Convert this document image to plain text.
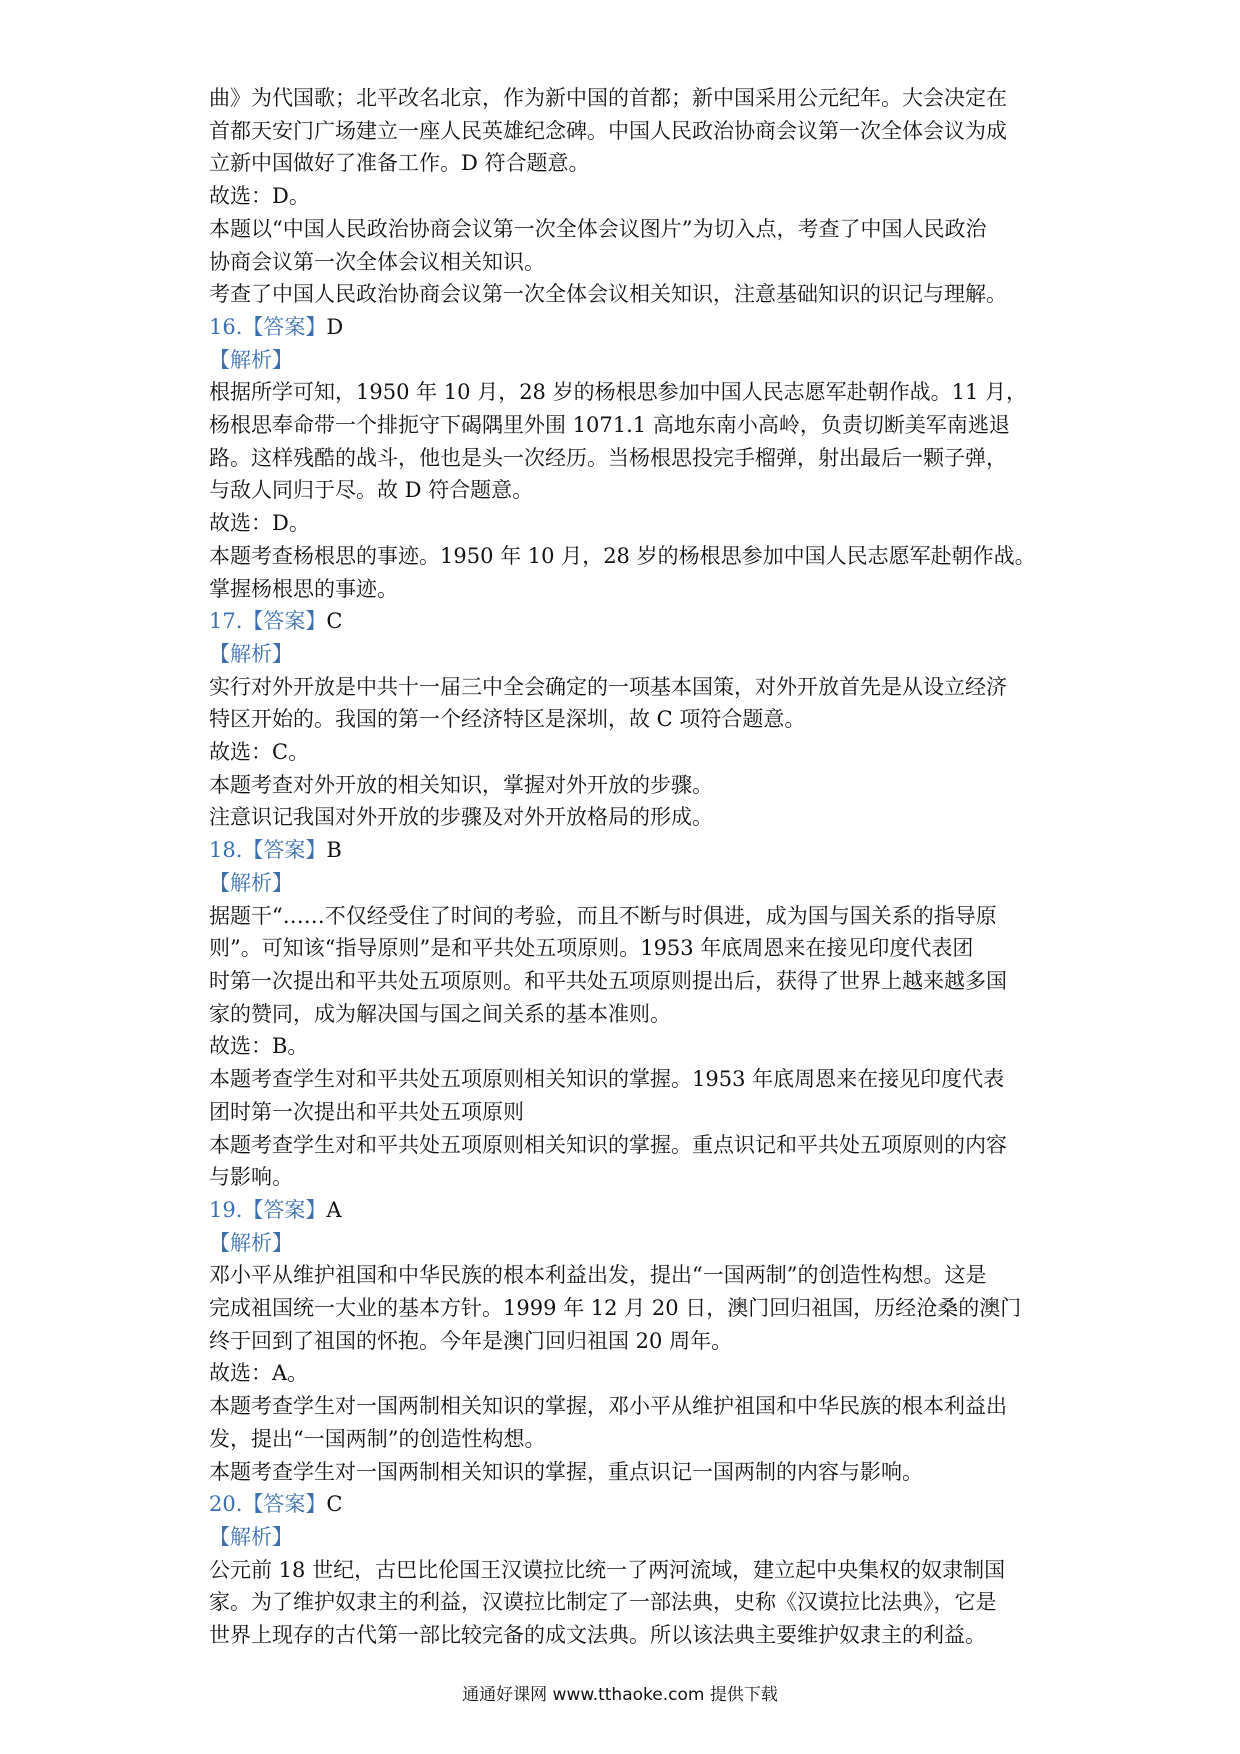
曲》为代国歌；北平改名北京，作为新中国的首都；新中国采用公元纪年。大会决定在
首都天安门广场建立一座人民英雄纪念碑。中国人民政治协商会议第一次全体会议为成
立新中国做好了准备工作。D 符合题意。
故选：D。
本题以“中国人民政治协商会议第一次全体会议图片”为切入点，考查了中国人民政治
协商会议第一次全体会议相关知识。
考查了中国人民政治协商会议第一次全体会议相关知识，注意基础知识的识记与理解。
16.【答案】D
【解析】
根据所学可知，1950 年 10 月，28 岁的杨根思参加中国人民志愿军赴朝作战。11 月，
杨根思奉命带一个排扼守下碣隅里外围 1071.1 高地东南小高岭，负责切断美军南逃退
路。这样残酷的战斗，他也是头一次经历。当杨根思投完手榴弹，射出最后一颗子弹，
与敌人同归于尽。故 D 符合题意。
故选：D。
本题考查杨根思的事迹。1950 年 10 月，28 岁的杨根思参加中国人民志愿军赴朝作战。
掌握杨根思的事迹。
17.【答案】C
【解析】
实行对外开放是中共十一届三中全会确定的一项基本国策，对外开放首先是从设立经济
特区开始的。我国的第一个经济特区是深圳，故 C 项符合题意。
故选：C。
本题考查对外开放的相关知识，掌握对外开放的步骤。
注意识记我国对外开放的步骤及对外开放格局的形成。
18.【答案】B
【解析】
据题干“……不仅经受住了时间的考验，而且不断与时俱进，成为国与国关系的指导原
则”。可知该“指导原则”是和平共处五项原则。1953 年底周恩来在接见印度代表团
时第一次提出和平共处五项原则。和平共处五项原则提出后，获得了世界上越来越多国
家的赞同，成为解决国与国之间关系的基本准则。
故选：B。
本题考查学生对和平共处五项原则相关知识的掌握。1953 年底周恩来在接见印度代表
团时第一次提出和平共处五项原则
本题考查学生对和平共处五项原则相关知识的掌握。重点识记和平共处五项原则的内容
与影响。
19.【答案】A
【解析】
邓小平从维护祖国和中华民族的根本利益出发，提出“一国两制”的创造性构想。这是
完成祖国统一大业的基本方针。1999 年 12 月 20 日，澳门回归祖国，历经沧桑的澳门
终于回到了祖国的怀抱。今年是澳门回归祖国 20 周年。
故选：A。
本题考查学生对一国两制相关知识的掌握，邓小平从维护祖国和中华民族的根本利益出
发，提出“一国两制”的创造性构想。
本题考查学生对一国两制相关知识的掌握，重点识记一国两制的内容与影响。
20.【答案】C
【解析】
公元前 18 世纪，古巴比伦国王汉谟拉比统一了两河流域，建立起中央集权的奴隶制国
家。为了维护奴隶主的利益，汉谟拉比制定了一部法典，史称《汉谟拉比法典》，它是
世界上现存的古代第一部比较完备的成文法典。所以该法典主要维护奴隶主的利益。
通通好课网 www.tthaoke.com 提供下载
